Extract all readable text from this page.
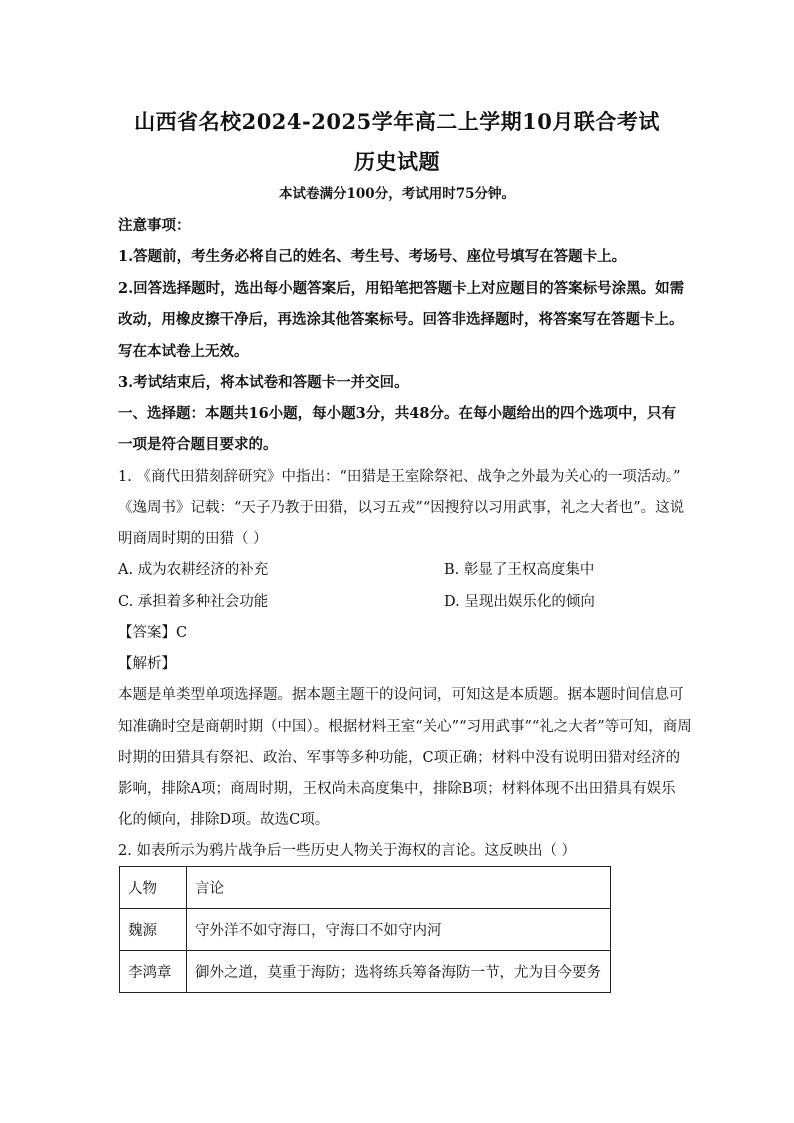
山西省名校2024-2025学年高二上学期10月联合考试
历史试题
本试卷满分100分，考试用时75分钟。
注意事项：
1.答题前，考生务必将自己的姓名、考生号、考场号、座位号填写在答题卡上。
2.回答选择题时，选出每小题答案后，用铅笔把答题卡上对应题目的答案标号涂黑。如需
改动，用橡皮擦干净后，再选涂其他答案标号。回答非选择题时，将答案写在答题卡上。
写在本试卷上无效。
3.考试结束后，将本试卷和答题卡一并交回。
一、选择题：本题共16小题，每小题3分，共48分。在每小题给出的四个选项中，只有
一项是符合题目要求的。
1. 《商代田猎刻辞研究》中指出：“田猎是王室除祭祀、战争之外最为关心的一项活动。”
《逸周书》记载：“天子乃教于田猎，以习五戎”“因搜狩以习用武事，礼之大者也”。这说
明商周时期的田猎（ ）
A. 成为农耕经济的补充	B. 彰显了王权高度集中
C. 承担着多种社会功能	D. 呈现出娱乐化的倾向
【答案】C
【解析】
本题是单类型单项选择题。据本题主题干的设问词，可知这是本质题。据本题时间信息可
知准确时空是商朝时期（中国）。根据材料王室“关心”“习用武事”“礼之大者”等可知，商周
时期的田猎具有祭祀、政治、军事等多种功能，C项正确；材料中没有说明田猎对经济的
影响，排除A项；商周时期，王权尚未高度集中，排除B项；材料体现不出田猎具有娱乐
化的倾向，排除D项。故选C项。
2. 如表所示为鸦片战争后一些历史人物关于海权的言论。这反映出（ ）
人物	言论
魏源	守外洋不如守海口，守海口不如守内河
李鸿章	御外之道，莫重于海防；选将练兵筹备海防一节，尤为目今要务
